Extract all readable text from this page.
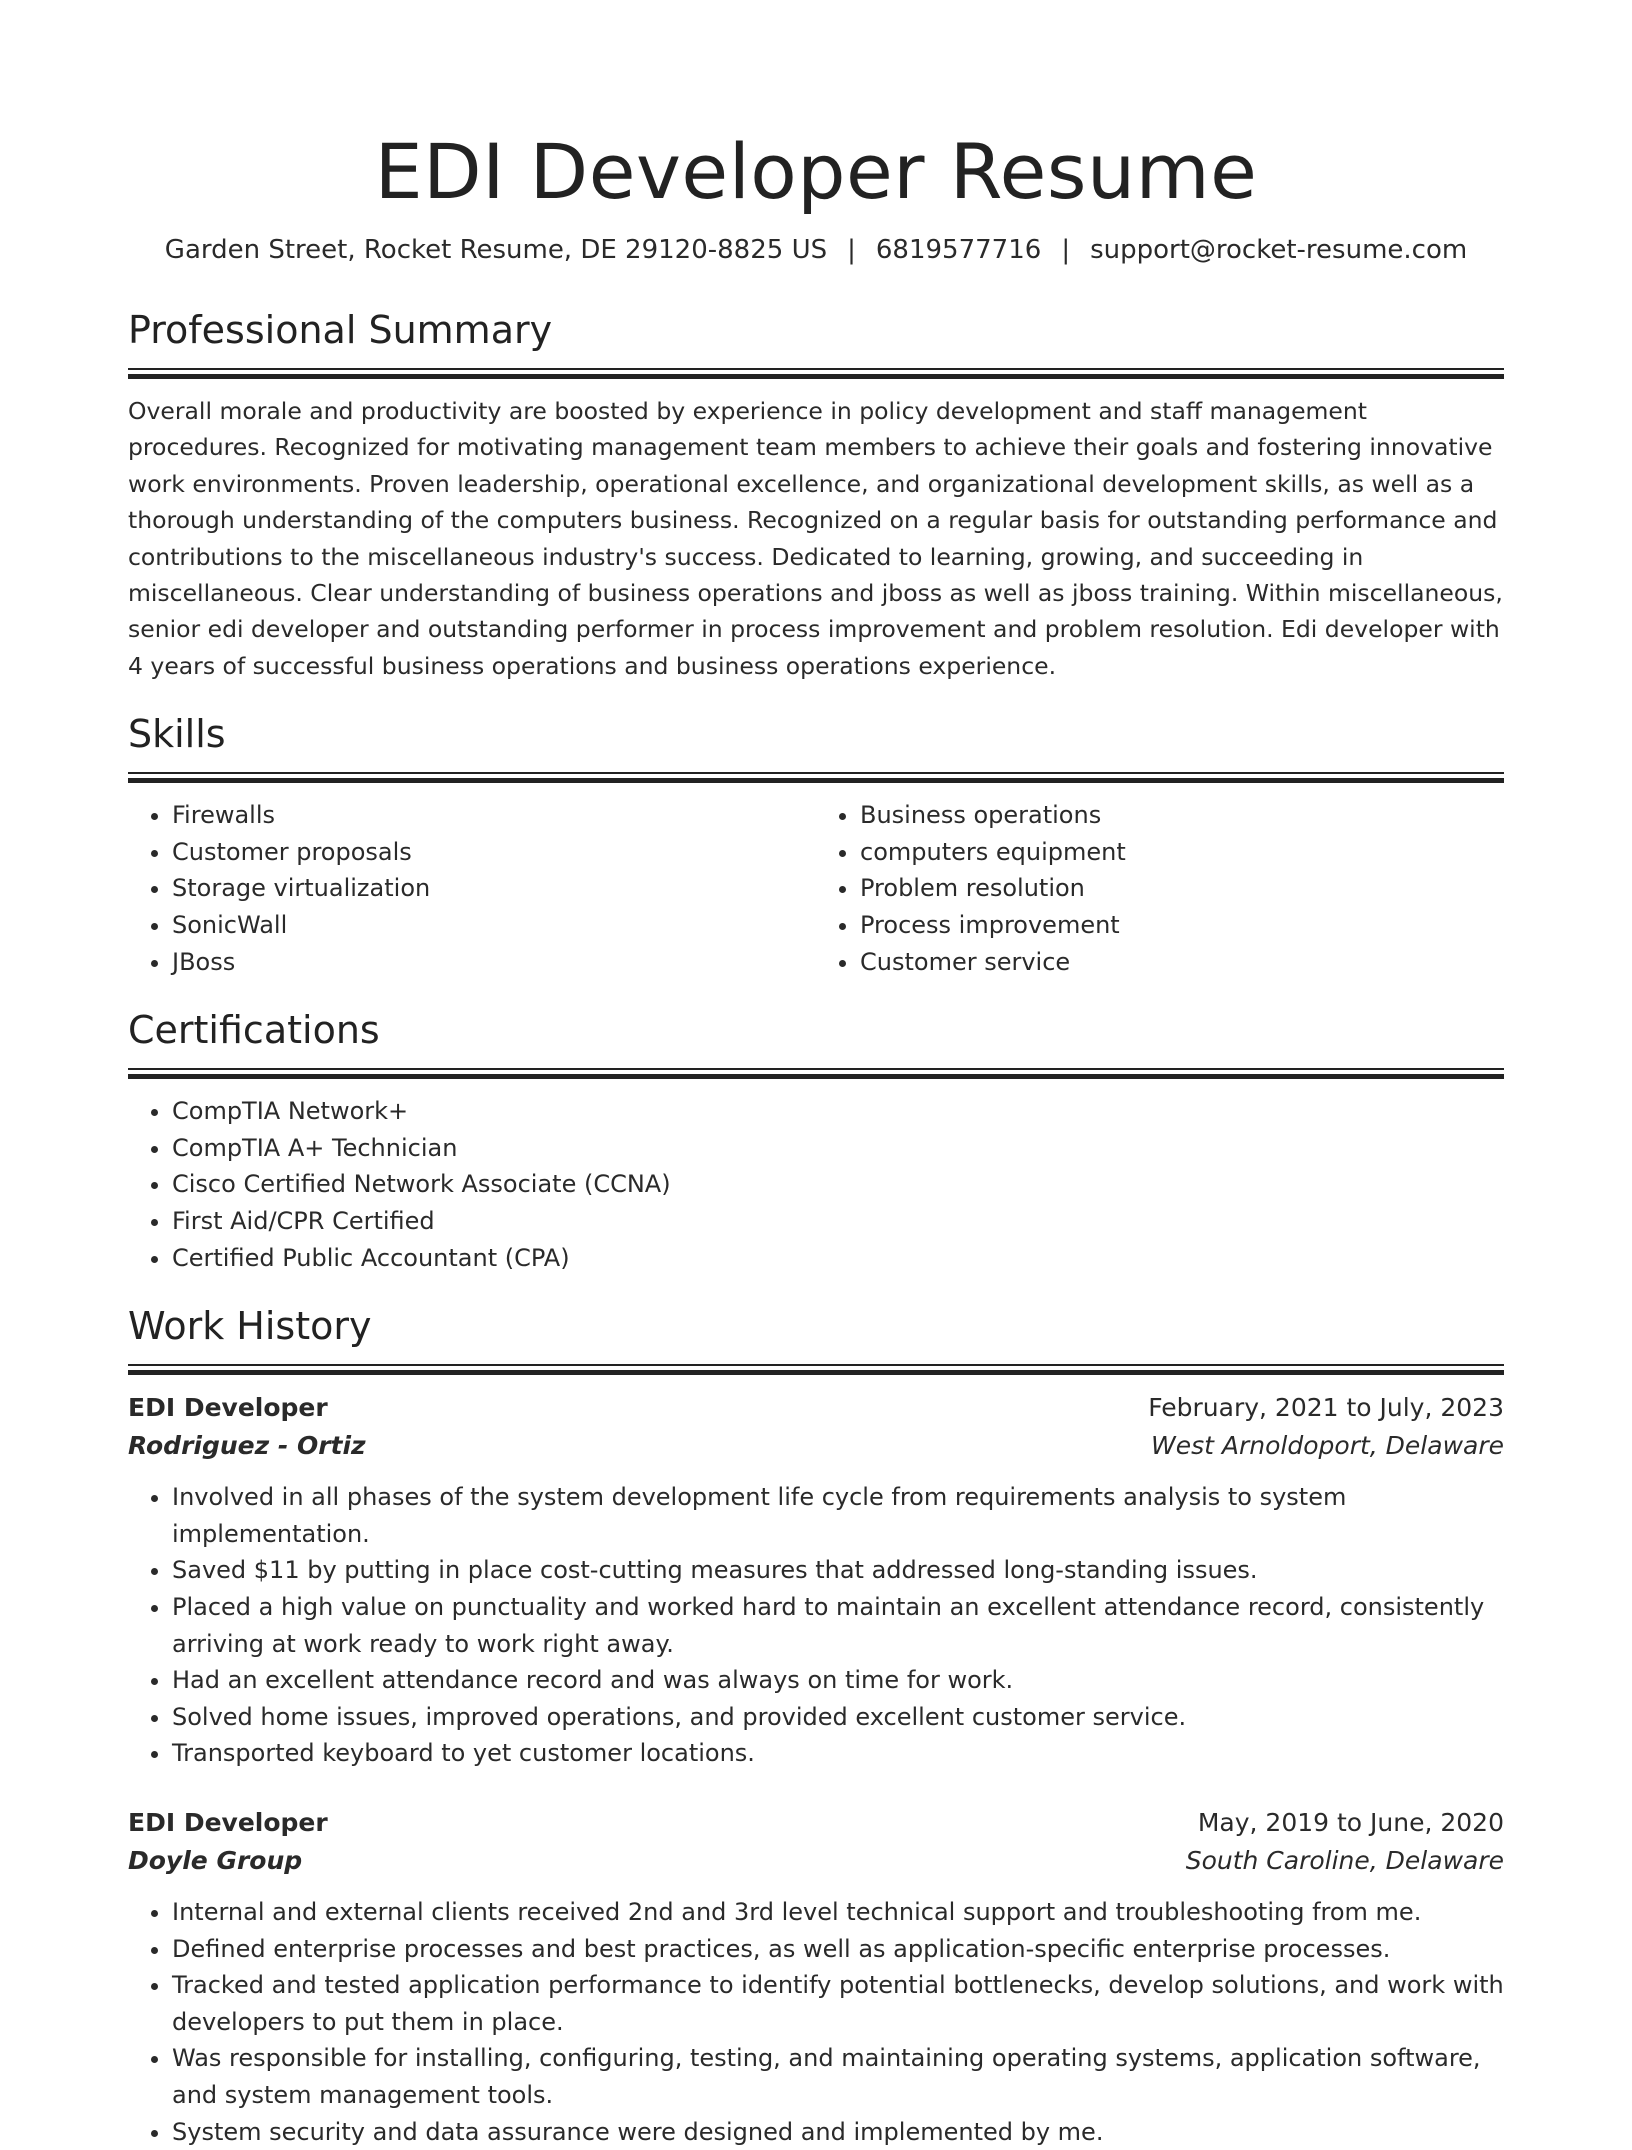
EDI Developer Resume
Garden Street, Rocket Resume, DE 29120-8825 US | 6819577716 | support@rocket-resume.com
Professional Summary

Overall morale and productivity are boosted by experience in policy development and staff management procedures. Recognized for motivating management team members to achieve their goals and fostering innovative work environments. Proven leadership, operational excellence, and organizational development skills, as well as a thorough understanding of the computers business. Recognized on a regular basis for outstanding performance and contributions to the miscellaneous industry's success. Dedicated to learning, growing, and succeeding in miscellaneous. Clear understanding of business operations and jboss as well as jboss training. Within miscellaneous, senior edi developer and outstanding performer in process improvement and problem resolution. Edi developer with 4 years of successful business operations and business operations experience.

Skills
• Firewalls
• Customer proposals
• Storage virtualization
• SonicWall
• JBoss
• Business operations
• computers equipment
• Problem resolution
• Process improvement
• Customer service
Certifications
• CompTIA Network+
• CompTIA A+ Technician
• Cisco Certified Network Associate (CCNA)
• First Aid/CPR Certified
• Certified Public Accountant (CPA)
Work History
EDI Developer	February, 2021 to July, 2023
Rodriguez - Ortiz	West Arnoldoport, Delaware
• Involved in all phases of the system development life cycle from requirements analysis to system implementation.
• Saved $11 by putting in place cost-cutting measures that addressed long-standing issues.
• Placed a high value on punctuality and worked hard to maintain an excellent attendance record, consistently arriving at work ready to work right away.
• Had an excellent attendance record and was always on time for work.
• Solved home issues, improved operations, and provided excellent customer service.
• Transported keyboard to yet customer locations.
EDI Developer	May, 2019 to June, 2020
Doyle Group	South Caroline, Delaware
• Internal and external clients received 2nd and 3rd level technical support and troubleshooting from me.
• Defined enterprise processes and best practices, as well as application-specific enterprise processes.
• Tracked and tested application performance to identify potential bottlenecks, develop solutions, and work with developers to put them in place.
• Was responsible for installing, configuring, testing, and maintaining operating systems, application software, and system management tools.
• System security and data assurance were designed and implemented by me.
